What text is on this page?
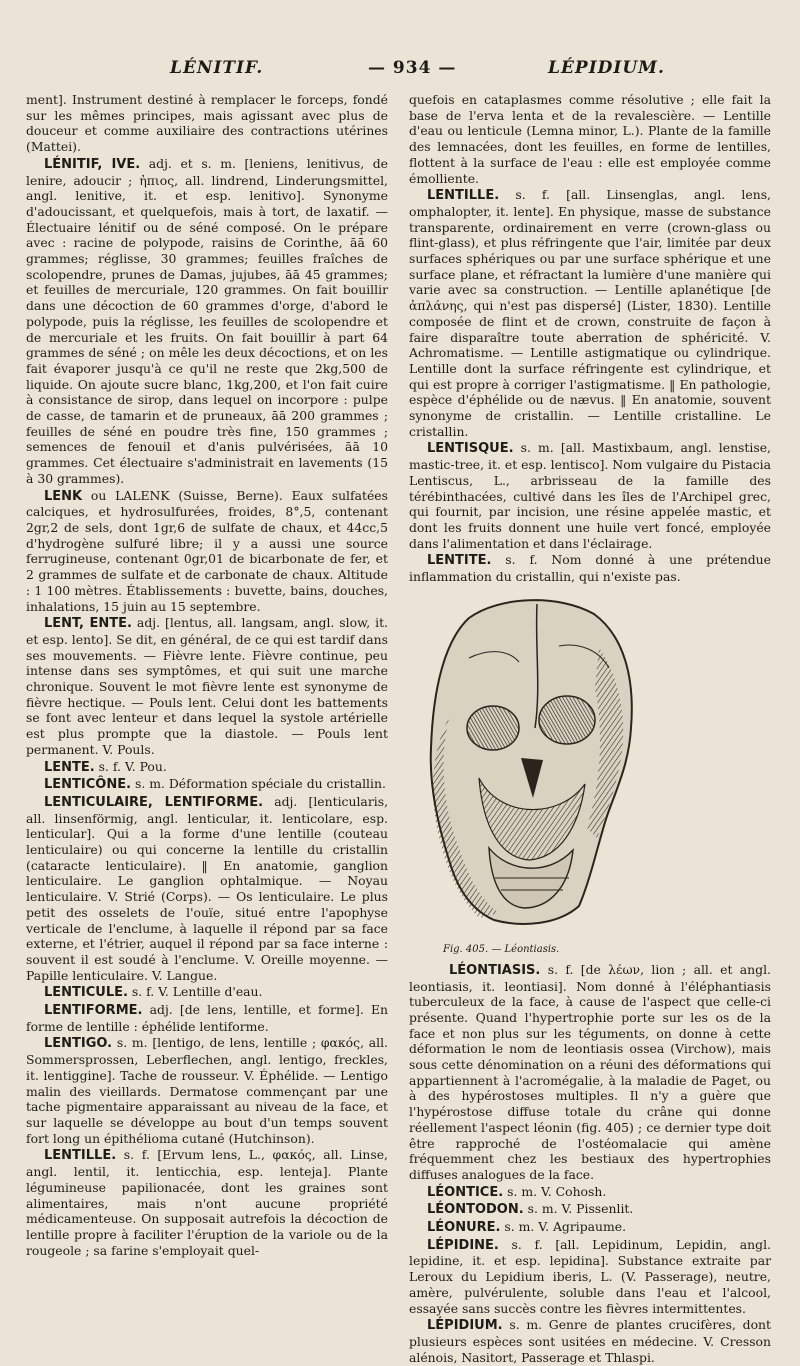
LÉNITIF.	— 934 —	LÉPIDIUM.

ment]. Instrument destiné à remplacer le forceps, fondé sur les mêmes principes, mais agissant avec plus de douceur et comme auxiliaire des contractions utérines (Mattei).

LÉNITIF, IVE. adj. et s. m. [leniens, lenitivus, de lenire, adoucir ; ἠπιος, all. lindrend, Linderungsmittel, angl. lenitive, it. et esp. lenitivo]. Synonyme d'adoucissant, et quelquefois, mais à tort, de laxatif. — Électuaire lénitif ou de séné composé. On le prépare avec : racine de polypode, raisins de Corinthe, āā 60 grammes; réglisse, 30 grammes; feuilles fraîches de scolopendre, prunes de Damas, jujubes, āā 45 grammes; et feuilles de mercuriale, 120 grammes. On fait bouillir dans une décoction de 60 grammes d'orge, d'abord le polypode, puis la réglisse, les feuilles de scolopendre et de mercuriale et les fruits. On fait bouillir à part 64 grammes de séné ; on mêle les deux décoctions, et on les fait évaporer jusqu'à ce qu'il ne reste que 2kg,500 de liquide. On ajoute sucre blanc, 1kg,200, et l'on fait cuire à consistance de sirop, dans lequel on incorpore : pulpe de casse, de tamarin et de pruneaux, āā 200 grammes ; feuilles de séné en poudre très fine, 150 grammes ; semences de fenouil et d'anis pulvérisées, āā 10 grammes. Cet électuaire s'administrait en lavements (15 à 30 grammes).

LENK ou LALENK (Suisse, Berne). Eaux sulfatées calciques, et hydrosulfurées, froides, 8°,5, contenant 2gr,2 de sels, dont 1gr,6 de sulfate de chaux, et 44cc,5 d'hydrogène sulfuré libre; il y a aussi une source ferrugineuse, contenant 0gr,01 de bicarbonate de fer, et 2 grammes de sulfate et de carbonate de chaux. Altitude : 1 100 mètres. Établissements : buvette, bains, douches, inhalations, 15 juin au 15 septembre.

LENT, ENTE. adj. [lentus, all. langsam, angl. slow, it. et esp. lento]. Se dit, en général, de ce qui est tardif dans ses mouvements. — Fièvre lente. Fièvre continue, peu intense dans ses symptômes, et qui suit une marche chronique. Souvent le mot fièvre lente est synonyme de fièvre hectique. — Pouls lent. Celui dont les battements se font avec lenteur et dans lequel la systole artérielle est plus prompte que la diastole. — Pouls lent permanent. V. Pouls.

LENTE. s. f. V. Pou.

LENTICÔNE. s. m. Déformation spéciale du cristallin.

LENTICULAIRE, LENTIFORME. adj. [lenticularis, all. linsenförmig, angl. lenticular, it. lenticolare, esp. lenticular]. Qui a la forme d'une lentille (couteau lenticulaire) ou qui concerne la lentille du cristallin (cataracte lenticulaire). ‖ En anatomie, ganglion lenticulaire. Le ganglion ophtalmique. — Noyau lenticulaire. V. Strié (Corps). — Os lenticulaire. Le plus petit des osselets de l'ouïe, situé entre l'apophyse verticale de l'enclume, à laquelle il répond par sa face externe, et l'étrier, auquel il répond par sa face interne : souvent il est soudé à l'enclume. V. Oreille moyenne. — Papille lenticulaire. V. Langue.

LENTICULE. s. f. V. Lentille d'eau.

LENTIFORME. adj. [de lens, lentille, et forme]. En forme de lentille : éphélide lentiforme.

LENTIGO. s. m. [lentigo, de lens, lentille ; φακός, all. Sommersprossen, Leberflechen, angl. lentigo, freckles, it. lentiggine]. Tache de rousseur. V. Éphélide. — Lentigo malin des vieillards. Dermatose commençant par une tache pigmentaire apparaissant au niveau de la face, et sur laquelle se développe au bout d'un temps souvent fort long un épithélioma cutané (Hutchinson).

LENTILLE. s. f. [Ervum lens, L., φακός, all. Linse, angl. lentil, it. lenticchia, esp. lenteja]. Plante légumineuse papilionacée, dont les graines sont alimentaires, mais n'ont aucune propriété médicamenteuse. On supposait autrefois la décoction de lentille propre à faciliter l'éruption de la variole ou de la rougeole ; sa farine s'employait quel-

quefois en cataplasmes comme résolutive ; elle fait la base de l'erva lenta et de la revalescière. — Lentille d'eau ou lenticule (Lemna minor, L.). Plante de la famille des lemnacées, dont les feuilles, en forme de lentilles, flottent à la surface de l'eau : elle est employée comme émolliente.

LENTILLE. s. f. [all. Linsenglas, angl. lens, omphalopter, it. lente]. En physique, masse de substance transparente, ordinairement en verre (crown-glass ou flint-glass), et plus réfringente que l'air, limitée par deux surfaces sphériques ou par une surface sphérique et une surface plane, et réfractant la lumière d'une manière qui varie avec sa construction. — Lentille aplanétique [de ἀπλάνης, qui n'est pas dispersé] (Lister, 1830). Lentille composée de flint et de crown, construite de façon à faire disparaître toute aberration de sphéricité. V. Achromatisme. — Lentille astigmatique ou cylindrique. Lentille dont la surface réfringente est cylindrique, et qui est propre à corriger l'astigmatisme. ‖ En pathologie, espèce d'éphélide ou de nævus. ‖ En anatomie, souvent synonyme de cristallin. — Lentille cristalline. Le cristallin.

LENTISQUE. s. m. [all. Mastixbaum, angl. lenstise, mastic-tree, it. et esp. lentisco]. Nom vulgaire du Pistacia Lentiscus, L., arbrisseau de la famille des térébinthacées, cultivé dans les îles de l'Archipel grec, qui fournit, par incision, une résine appelée mastic, et dont les fruits donnent une huile vert foncé, employée dans l'alimentation et dans l'éclairage.

LENTITE. s. f. Nom donné à une prétendue inflammation du cristallin, qui n'existe pas.

Fig. 405. — Léontiasis.
LÉONTIASIS. s. f. [de λέων, lion ; all. et angl. leontiasis, it. leontiasi]. Nom donné à l'éléphantiasis tuberculeux de la face, à cause de l'aspect que celle-ci présente. Quand l'hypertrophie porte sur les os de la face et non plus sur les téguments, on donne à cette déformation le nom de leontiasis ossea (Virchow), mais sous cette dénomination on a réuni des déformations qui appartiennent à l'acromégalie, à la maladie de Paget, ou à des hypérostoses multiples. Il n'y a guère que l'hypérostose diffuse totale du crâne qui donne réellement l'aspect léonin (fig. 405) ; ce dernier type doit être rapproché de l'ostéomalacie qui amène fréquemment chez les bestiaux des hypertrophies diffuses analogues de la face.

LÉONTICE. s. m. V. Cohosh.

LÉONTODON. s. m. V. Pissenlit.

LÉONURE. s. m. V. Agripaume.

LÉPIDINE. s. f. [all. Lepidinum, Lepidin, angl. lepidine, it. et esp. lepidina]. Substance extraite par Leroux du Lepidium iberis, L. (V. Passerage), neutre, amère, pulvérulente, soluble dans l'eau et l'alcool, essayée sans succès contre les fièvres intermittentes.

LÉPIDIUM. s. m. Genre de plantes crucifères, dont plusieurs espèces sont usitées en médecine. V. Cresson alénois, Nasitort, Passerage et Thlaspi.
